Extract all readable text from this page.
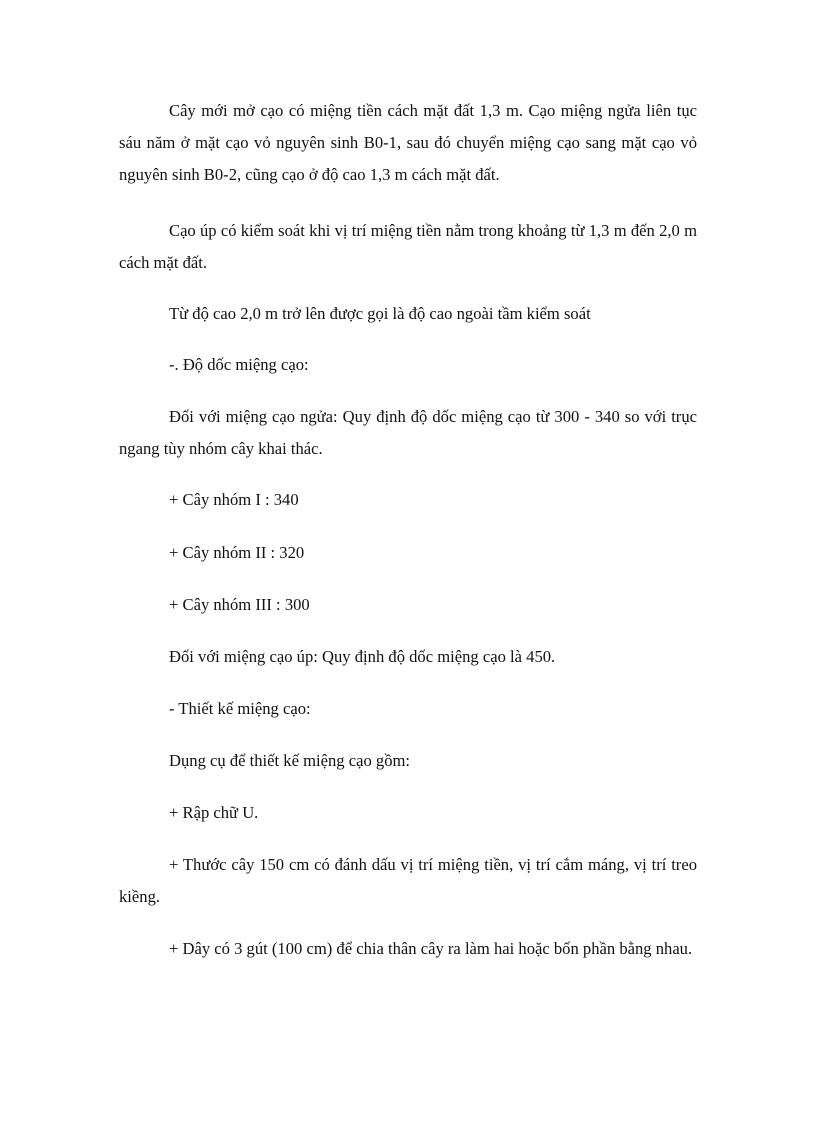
Cây mới mở cạo có miệng tiền cách mặt đất 1,3 m. Cạo miệng ngửa liên tục sáu năm ở mặt cạo vỏ nguyên sinh B0-1, sau đó chuyển miệng cạo sang mặt cạo vỏ nguyên sinh B0-2, cũng cạo ở độ cao 1,3 m cách mặt đất.

Cạo úp có kiểm soát khi vị trí miệng tiền nằm trong khoảng từ 1,3 m đến 2,0 m cách mặt đất.

Từ độ cao 2,0 m trở lên được gọi là độ cao ngoài tầm kiểm soát

-. Độ dốc miệng cạo:

Đối với miệng cạo ngửa: Quy định độ dốc miệng cạo từ 300 - 340 so với trục ngang tùy nhóm cây khai thác.

+ Cây nhóm I : 340

+ Cây nhóm II : 320

+ Cây nhóm III : 300

Đối với miệng cạo úp: Quy định độ dốc miệng cạo là 450.

- Thiết kế miệng cạo:

Dụng cụ để thiết kế miệng cạo gồm:

+ Rập chữ U.

+ Thước cây 150 cm có đánh dấu vị trí miệng tiền, vị trí cắm máng, vị trí treo kiềng.

+ Dây có 3 gút (100 cm) để chia thân cây ra làm hai hoặc bốn phần bằng nhau.
